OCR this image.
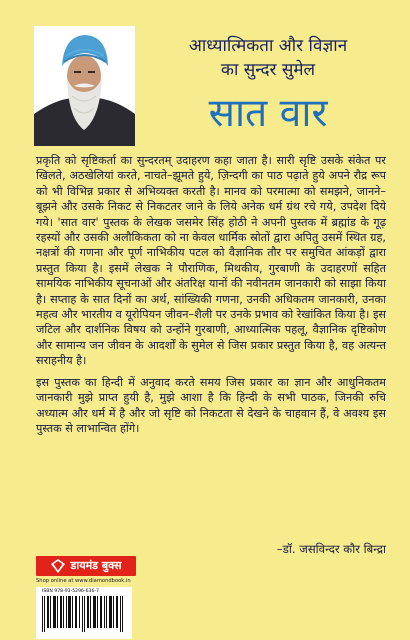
आध्यात्मिकता और विज्ञान
का सुन्दर सुमेल
सात वार

प्रकृति को सृष्टिकर्ता का सुन्दरतम् उदाहरण कहा जाता है। सारी सृष्टि उसके संकेत पर खिलते, अठखेलियां करते, नाचते–झूमते हुये, ज़िन्दगी का पाठ पढ़ाते हुये अपने रौद्र रूप को भी विभिन्न प्रकार से अभिव्यक्त करती है। मानव को परमात्मा को समझने, जानने–बूझने और उसके निकट से निकटतर जाने के लिये अनेक धर्म ग्रंथ रचे गये, उपदेश दिये गये। 'सात वार' पुस्तक के लेखक जसमेर सिंह होठी ने अपनी पुस्तक में ब्रह्मांड के गूढ़ रहस्यों और उसकी अलौकिकता को ना केवल धार्मिक स्रोतों द्वारा अपितु उसमें स्थित ग्रह, नक्षत्रों की गणना और पूर्ण नाभिकीय पटल को वैज्ञानिक तौर पर समुचित आंकड़ों द्वारा प्रस्तुत किया है। इसमें लेखक ने पौराणिक, मिथकीय, गुरबाणी के उदाहरणों सहित सामयिक नाभिकीय सूचनाओं और अंतरिक्ष यानों की नवीनतम जानकारी को साझा किया है। सप्ताह के सात दिनों का अर्थ, सांख्यिकी गणना, उनकी अधिकतम जानकारी, उनका महत्व और भारतीय व यूरोपियन जीवन–शैली पर उनके प्रभाव को रेखांकित किया है। इस जटिल और दार्शनिक विषय को उन्होंने गुरबाणी, आध्यात्मिक पहलू, वैज्ञानिक दृष्टिकोण और सामान्य जन जीवन के आदर्शों के सुमेल से जिस प्रकार प्रस्तुत किया है, वह अत्यन्त सराहनीय है।

इस पुस्तक का हिन्दी में अनुवाद करते समय जिस प्रकार का ज्ञान और आधुनिकतम जानकारी मुझे प्राप्त हुयी है, मुझे आशा है कि हिन्दी के सभी पाठक, जिनकी रुचि अध्यात्म और धर्म में है और जो सृष्टि को निकटता से देखने के चाहवान हैं, वे अवश्य इस पुस्तक से लाभान्वित होंगे।

–डॉ. जसविन्दर कौर बिन्द्रा
डायमंड बुक्स
Shop online at www.diamondbook.in
ISBN 978-93-5296-636-7
